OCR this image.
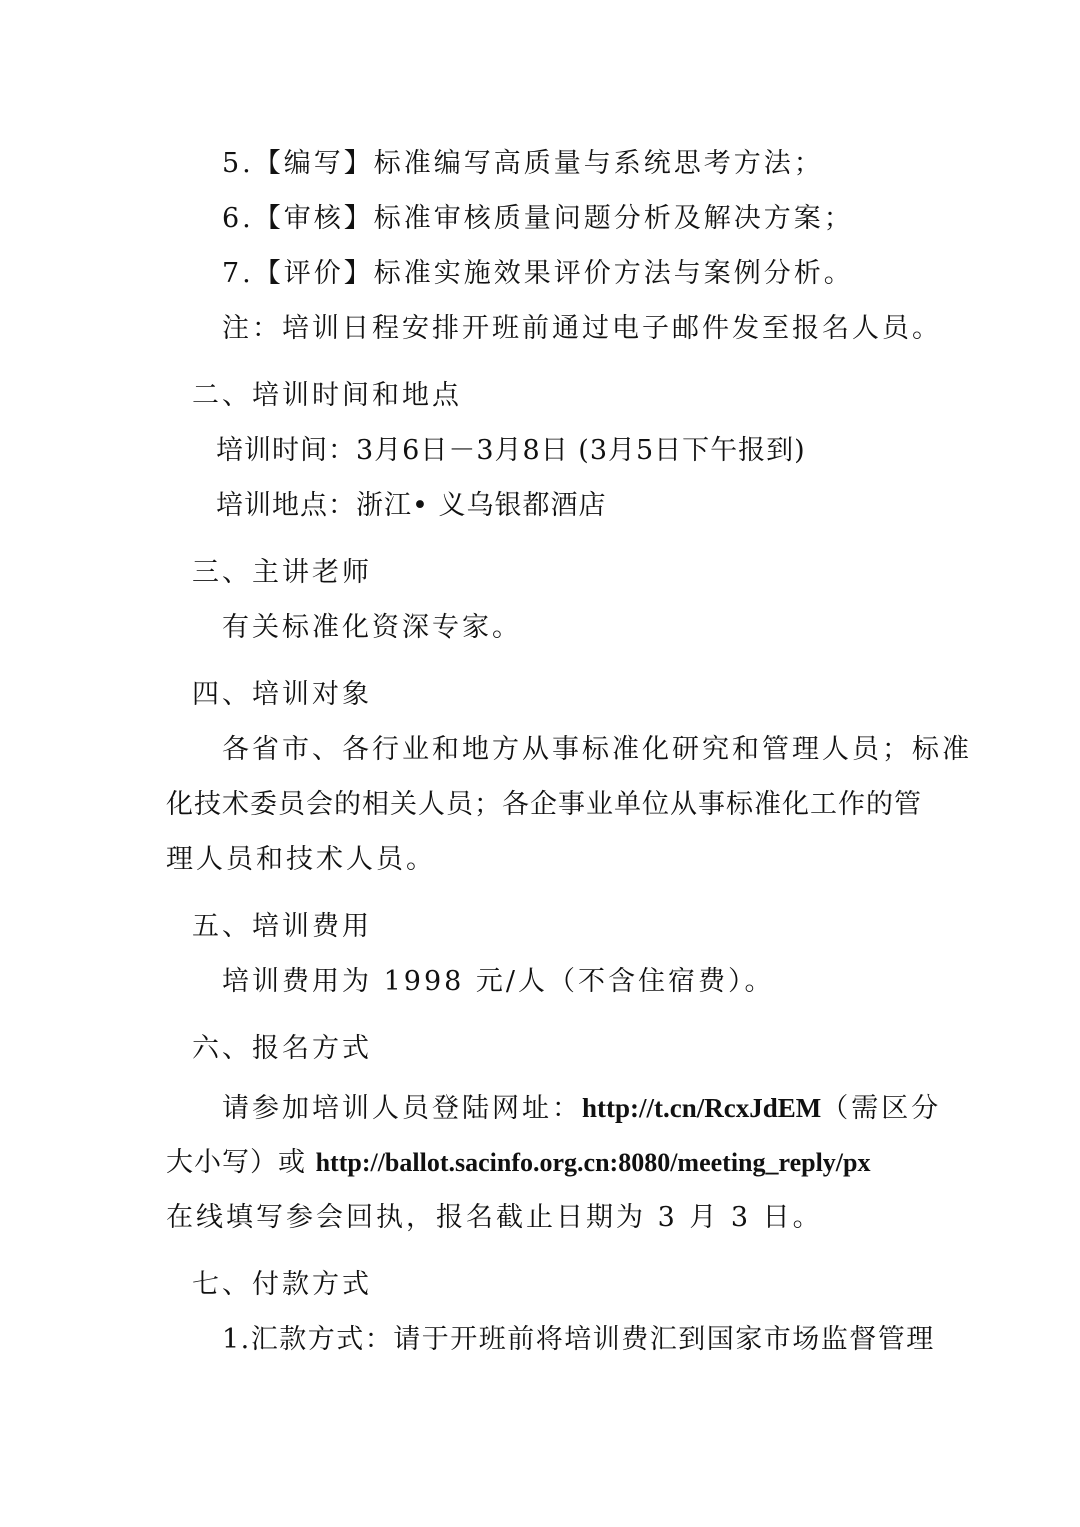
5.【编写】标准编写高质量与系统思考方法；
6.【审核】标准审核质量问题分析及解决方案；
7.【评价】标准实施效果评价方法与案例分析。
注：培训日程安排开班前通过电子邮件发至报名人员。
二、培训时间和地点
培训时间：3月6日－3月8日 (3月5日下午报到)
培训地点：浙江• 义乌银都酒店
三、主讲老师
有关标准化资深专家。
四、培训对象
各省市、各行业和地方从事标准化研究和管理人员；标准
化技术委员会的相关人员；各企事业单位从事标准化工作的管
理人员和技术人员。
五、培训费用
培训费用为 1998 元/人（不含住宿费）。
六、报名方式
请参加培训人员登陆网址：http://t.cn/RcxJdEM（需区分
大小写）或 http://ballot.sacinfo.org.cn:8080/meeting_reply/px
在线填写参会回执，报名截止日期为 3 月 3 日。
七、付款方式
1.汇款方式：请于开班前将培训费汇到国家市场监督管理
